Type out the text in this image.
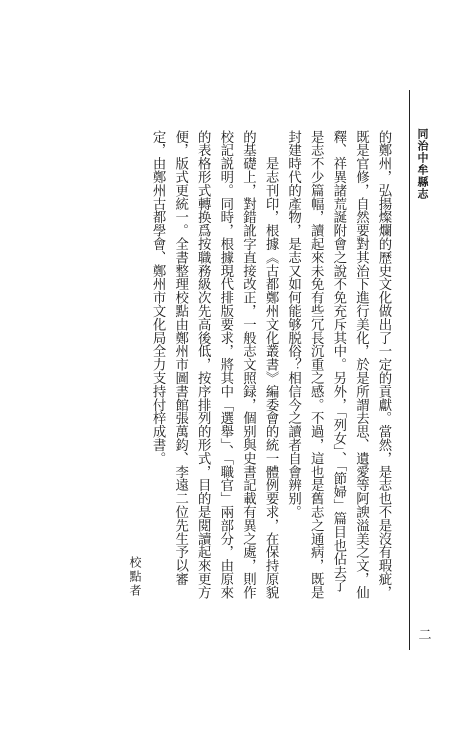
同治中牟縣志

的鄭州，弘揚燦爛的歷史文化做出了一定的貢獻。當然，是志也不是沒有瑕疵，既是官修，自然要對其治下進行美化，於是所謂去思、遺愛等阿諛溢美之文，仙釋、祥異諸荒誕附會之說不免充斥其中。另外，「列女」、「節婦」篇目也佔去了是志不少篇幅，讀起來未免有些冗長沉重之感。不過，這也是舊志之通病，既是封建時代的產物，是志又如何能够脱俗？相信今之讀者自會辨别。

　　是志刊印，根據《古都鄭州文化叢書》編委會的統一體例要求，在保持原貌的基礎上，對錯訛字直接改正，一般志文照録，個别與史書記載有異之處，則作校記説明。同時，根據現代排版要求，將其中「選舉」、「職官」兩部分，由原來的表格形式轉换爲按職務級次先高後低，按序排列的形式，目的是閲讀起來更方便，版式更統一。全書整理校點由鄭州市圖書館張萬鈞、李遠二位先生予以審定，由鄭州古都學會、鄭州市文化局全力支持付梓成書。

校點者
二
